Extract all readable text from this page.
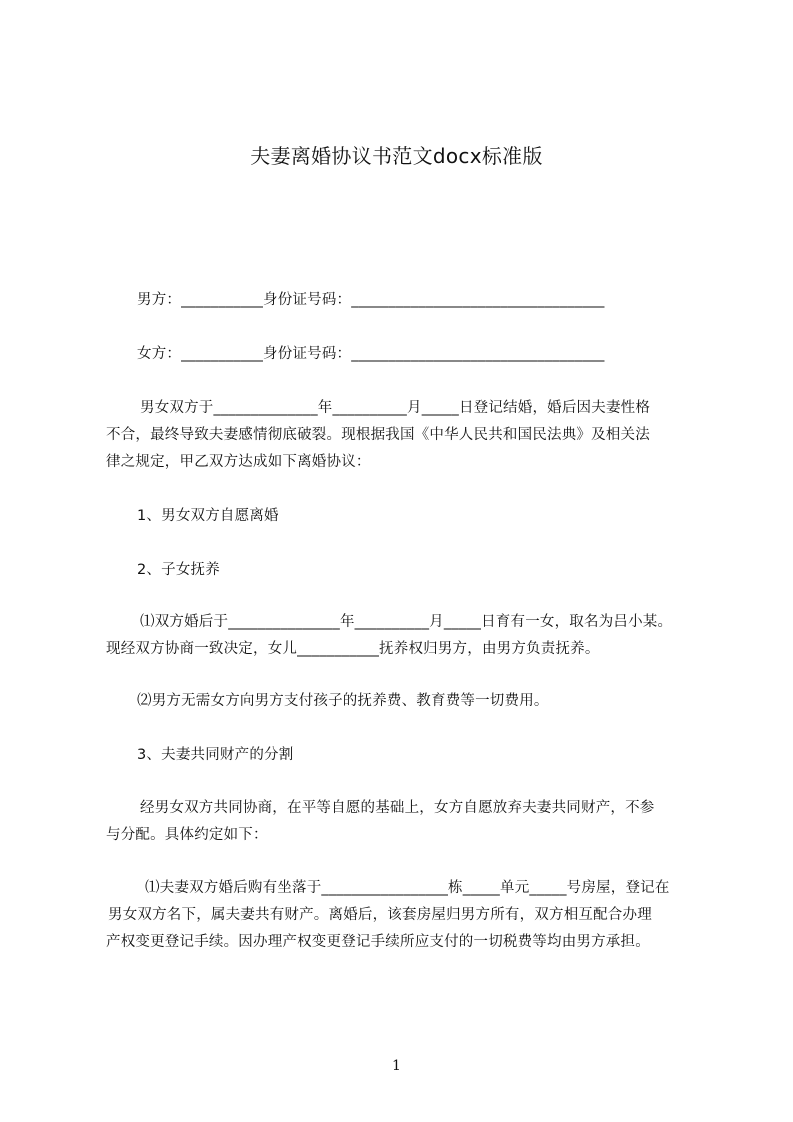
夫妻离婚协议书范文docx标准版
男方：___________身份证号码：__________________________________
女方：___________身份证号码：__________________________________
男女双方于______________年__________月_____日登记结婚，婚后因夫妻性格
不合，最终导致夫妻感情彻底破裂。现根据我国《中华人民共和国民法典》及相关法
律之规定，甲乙双方达成如下离婚协议：
1、男女双方自愿离婚
2、子女抚养
⑴双方婚后于_______________年__________月_____日育有一女，取名为吕小某。
现经双方协商一致决定，女儿___________抚养权归男方，由男方负责抚养。
⑵男方无需女方向男方支付孩子的抚养费、教育费等一切费用。
3、夫妻共同财产的分割
经男女双方共同协商，在平等自愿的基础上，女方自愿放弃夫妻共同财产，不参
与分配。具体约定如下：
⑴夫妻双方婚后购有坐落于_________________栋_____单元_____号房屋，登记在
男女双方名下，属夫妻共有财产。离婚后，该套房屋归男方所有，双方相互配合办理
产权变更登记手续。因办理产权变更登记手续所应支付的一切税费等均由男方承担。
1
